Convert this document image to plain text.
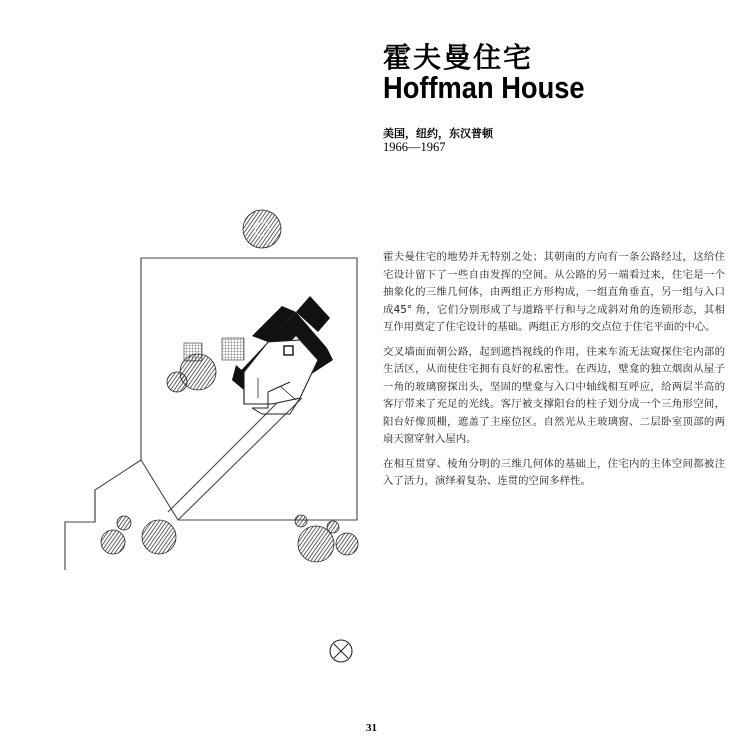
霍夫曼住宅
Hoffman House
美国，纽约，东汉普顿
1966—1967

霍夫曼住宅的地势并无特别之处；其朝南的方向有一条公路经过，这给住宅设计留下了一些自由发挥的空间。从公路的另一端看过来，住宅是一个抽象化的三维几何体，由两组正方形构成，一组直角垂直，另一组与入口成45° 角，它们分别形成了与道路平行和与之成斜对角的连锁形态，其相互作用奠定了住宅设计的基础。两组正方形的交点位于住宅平面的中心。

交叉墙面面朝公路，起到遮挡视线的作用，往来车流无法窥探住宅内部的生活区，从而使住宅拥有良好的私密性。在西边，壁龛的独立烟囱从屋子一角的玻璃窗探出头，坚固的壁龛与入口中轴线相互呼应，给两层半高的客厅带来了充足的光线。客厅被支撑阳台的柱子划分成一个三角形空间，阳台好像顶棚，遮盖了主座位区。自然光从主玻璃窗、二层卧室顶部的两扇天窗穿射入屋内。

在相互贯穿、棱角分明的三维几何体的基础上，住宅内的主体空间都被注入了活力，演绎着复杂、连贯的空间多样性。

31
